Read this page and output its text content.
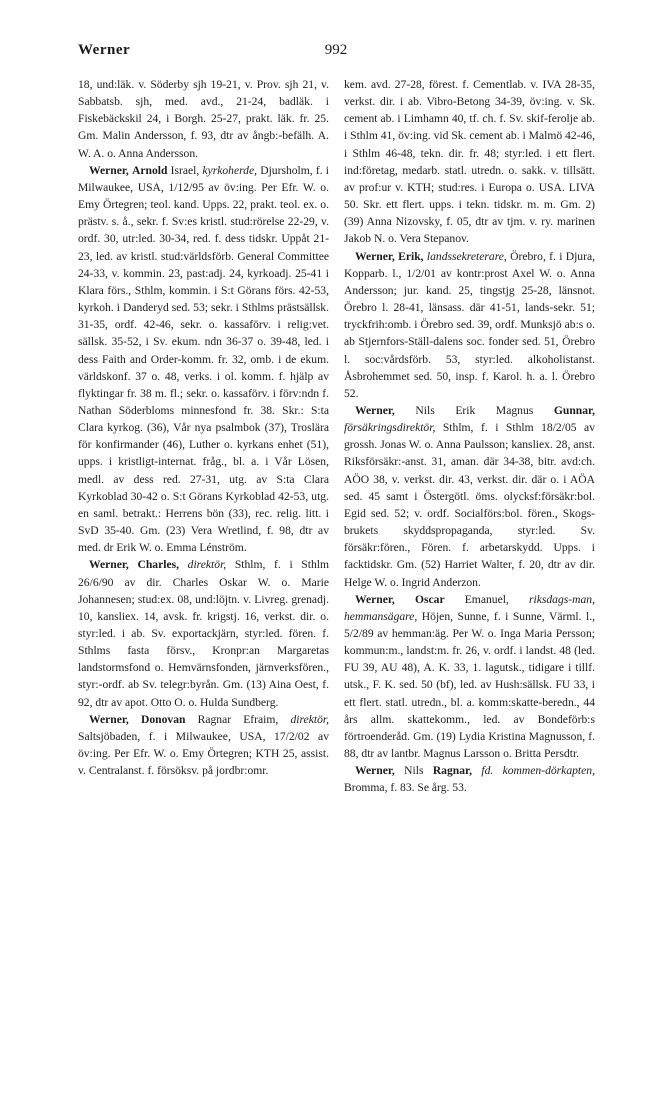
Werner	992

18, und:läk. v. Söderby sjh 19-21, v. Prov. sjh 21, v. Sabbatsb. sjh, med. avd., 21-24, badläk. i Fiskebäckskil 24, i Borgh. 25-27, prakt. läk. fr. 25. Gm. Malin Andersson, f. 93, dtr av ångb:-befälh. A. W. A. o. Anna Andersson.

Werner, Arnold Israel, kyrkoherde, Djursholm, f. i Milwaukee, USA, 1/12/95 av öv:ing. Per Efr. W. o. Emy Örtegren; teol. kand. Upps. 22, prakt. teol. ex. o. prästv. s. å., sekr. f. Sv:es kristl. stud:rörelse 22-29, v. ordf. 30, utr:led. 30-34, red. f. dess tidskr. Uppåt 21-23, led. av kristl. stud:världsförb. General Committee 24-33, v. kommin. 23, past:adj. 24, kyrkoadj. 25-41 i Klara förs., Sthlm, kommin. i S:t Görans förs. 42-53, kyrkoh. i Danderyd sed. 53; sekr. i Sthlms prästsällsk. 31-35, ordf. 42-46, sekr. o. kassaförv. i relig:vet. sällsk. 35-52, i Sv. ekum. ndn 36-37 o. 39-48, led. i dess Faith and Order-komm. fr. 32, omb. i de ekum. världskonf. 37 o. 48, verks. i ol. komm. f. hjälp av flyktingar fr. 38 m. fl.; sekr. o. kassaförv. i förv:ndn f. Nathan Söderbloms minnesfond fr. 38. Skr.: S:ta Clara kyrkog. (36), Vår nya psalmbok (37), Troslära för konfirmander (46), Luther o. kyrkans enhet (51), upps. i kristligt-internat. fråg., bl. a. i Vår Lösen, medl. av dess red. 27-31, utg. av S:ta Clara Kyrkoblad 30-42 o. S:t Görans Kyrkoblad 42-53, utg. en saml. betrakt.: Herrens bön (33), rec. relig. litt. i SvD 35-40. Gm. (23) Vera Wretlind, f. 98, dtr av med. dr Erik W. o. Emma Lénström.

Werner, Charles, direktör, Sthlm, f. i Sthlm 26/6/90 av dir. Charles Oskar W. o. Marie Johannesen; stud:ex. 08, und:löjtn. v. Livreg. grenadj. 10, kansliex. 14, avsk. fr. krigstj. 16, verkst. dir. o. styr:led. i ab. Sv. exportackjärn, styr:led. fören. f. Sthlms fasta försv., Kronpr:an Margaretas landstormsfond o. Hemvärnsfonden, järnverksfören., styr:-ordf. ab Sv. telegr:byrån. Gm. (13) Aina Oest, f. 92, dtr av apot. Otto O. o. Hulda Sundberg.

Werner, Donovan Ragnar Efraim, direktör, Saltsjöbaden, f. i Milwaukee, USA, 17/2/02 av öv:ing. Per Efr. W. o. Emy Örtegren; KTH 25, assist. v. Centralanst. f. försöksv. på jordbr:omr.

kem. avd. 27-28, förest. f. Cementlab. v. IVA 28-35, verkst. dir. i ab. Vibro-Betong 34-39, öv:ing. v. Sk. cement ab. i Limhamn 40, tf. ch. f. Sv. skif-ferolje ab. i Sthlm 41, öv:ing. vid Sk. cement ab. i Malmö 42-46, i Sthlm 46-48, tekn. dir. fr. 48; styr:led. i ett flert. ind:företag, medarb. statl. utredn. o. sakk. v. tillsätt. av prof:ur v. KTH; stud:res. i Europa o. USA. LIVA 50. Skr. ett flert. upps. i tekn. tidskr. m. m. Gm. 2) (39) Anna Nizovsky, f. 05, dtr av tjm. v. ry. marinen Jakob N. o. Vera Stepanov.

Werner, Erik, landssekreterare, Örebro, f. i Djura, Kopparb. l., 1/2/01 av kontr:prost Axel W. o. Anna Andersson; jur. kand. 25, tingstjg 25-28, länsnot. Örebro l. 28-41, länsass. där 41-51, lands-sekr. 51; tryckfrih:omb. i Örebro sed. 39, ordf. Munksjö ab:s o. ab Stjernfors-Ställ-dalens soc. fonder sed. 51, Örebro l. soc:vårdsförb. 53, styr:led. alkoholistanst. Åsbrohemmet sed. 50, insp. f. Karol. h. a. l. Örebro 52.

Werner, Nils Erik Magnus Gunnar, försäkringsdirektör, Sthlm, f. i Sthlm 18/2/05 av grossh. Jonas W. o. Anna Paulsson; kansliex. 28, anst. Riksförsäkr:-anst. 31, aman. där 34-38, bitr. avd:ch. AÖO 38, v. verkst. dir. 43, verkst. dir. där o. i AÖA sed. 45 samt i Östergötl. öms. olycksf:försäkr:bol. Egid sed. 52; v. ordf. Socialförs:bol. fören., Skogs-brukets skyddspropaganda, styr:led. Sv. försäkr:fören., Fören. f. arbetarskydd. Upps. i facktidskr. Gm. (52) Harriet Walter, f. 20, dtr av dir. Helge W. o. Ingrid Anderzon.

Werner, Oscar Emanuel, riksdags-man, hemmansägare, Höjen, Sunne, f. i Sunne, Värml. l., 5/2/89 av hemman:äg. Per W. o. Inga Maria Persson; kommun:m., landst:m. fr. 26, v. ordf. i landst. 48 (led. FU 39, AU 48), A. K. 33, 1. lagutsk., tidigare i tillf. utsk., F. K. sed. 50 (bf), led. av Hush:sällsk. FU 33, i ett flert. statl. utredn., bl. a. komm:skatte-beredn., 44 års allm. skattekomm., led. av Bondeförb:s förtroenderåd. Gm. (19) Lydia Kristina Magnusson, f. 88, dtr av lantbr. Magnus Larsson o. Britta Persdtr.

Werner, Nils Ragnar, fd. kommen-dörkapten, Bromma, f. 83. Se årg. 53.
